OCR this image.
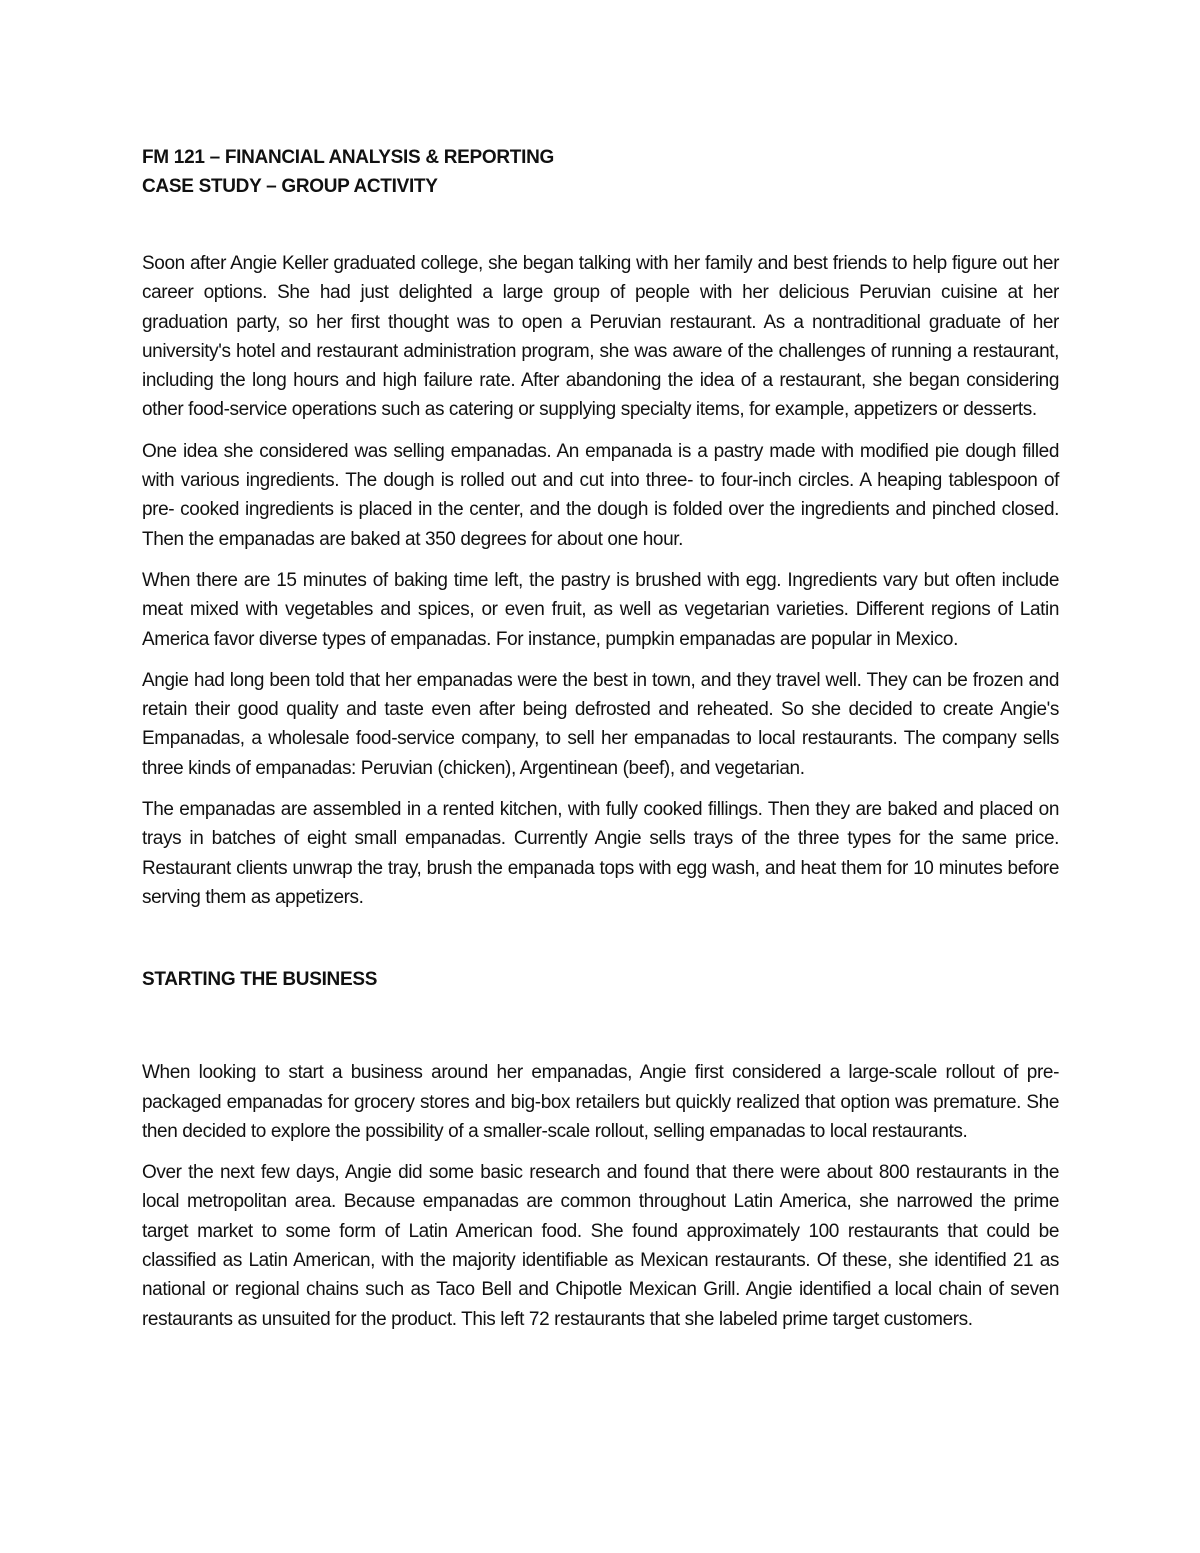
FM 121 – FINANCIAL ANALYSIS & REPORTING
CASE STUDY – GROUP ACTIVITY

Soon after Angie Keller graduated college, she began talking with her family and best friends to help figure out her career options. She had just delighted a large group of people with her delicious Peruvian cuisine at her graduation party, so her first thought was to open a Peruvian restaurant. As a nontraditional graduate of her university's hotel and restaurant administration program, she was aware of the challenges of running a restaurant, including the long hours and high failure rate. After abandoning the idea of a restaurant, she began considering other food-service operations such as catering or supplying specialty items, for example, appetizers or desserts.

One idea she considered was selling empanadas. An empanada is a pastry made with modified pie dough filled with various ingredients. The dough is rolled out and cut into three- to four-inch circles. A heaping tablespoon of pre- cooked ingredients is placed in the center, and the dough is folded over the ingredients and pinched closed. Then the empanadas are baked at 350 degrees for about one hour.

When there are 15 minutes of baking time left, the pastry is brushed with egg. Ingredients vary but often include meat mixed with vegetables and spices, or even fruit, as well as vegetarian varieties. Different regions of Latin America favor diverse types of empanadas. For instance, pumpkin empanadas are popular in Mexico.

Angie had long been told that her empanadas were the best in town, and they travel well. They can be frozen and retain their good quality and taste even after being defrosted and reheated. So she decided to create Angie's Empanadas, a wholesale food-service company, to sell her empanadas to local restaurants. The company sells three kinds of empanadas: Peruvian (chicken), Argentinean (beef), and vegetarian.

The empanadas are assembled in a rented kitchen, with fully cooked fillings. Then they are baked and placed on trays in batches of eight small empanadas. Currently Angie sells trays of the three types for the same price. Restaurant clients unwrap the tray, brush the empanada tops with egg wash, and heat them for 10 minutes before serving them as appetizers.

STARTING THE BUSINESS

When looking to start a business around her empanadas, Angie first considered a large-scale rollout of pre-packaged empanadas for grocery stores and big-box retailers but quickly realized that option was premature. She then decided to explore the possibility of a smaller-scale rollout, selling empanadas to local restaurants.

Over the next few days, Angie did some basic research and found that there were about 800 restaurants in the local metropolitan area. Because empanadas are common throughout Latin America, she narrowed the prime target market to some form of Latin American food. She found approximately 100 restaurants that could be classified as Latin American, with the majority identifiable as Mexican restaurants. Of these, she identified 21 as national or regional chains such as Taco Bell and Chipotle Mexican Grill. Angie identified a local chain of seven restaurants as unsuited for the product. This left 72 restaurants that she labeled prime target customers.
